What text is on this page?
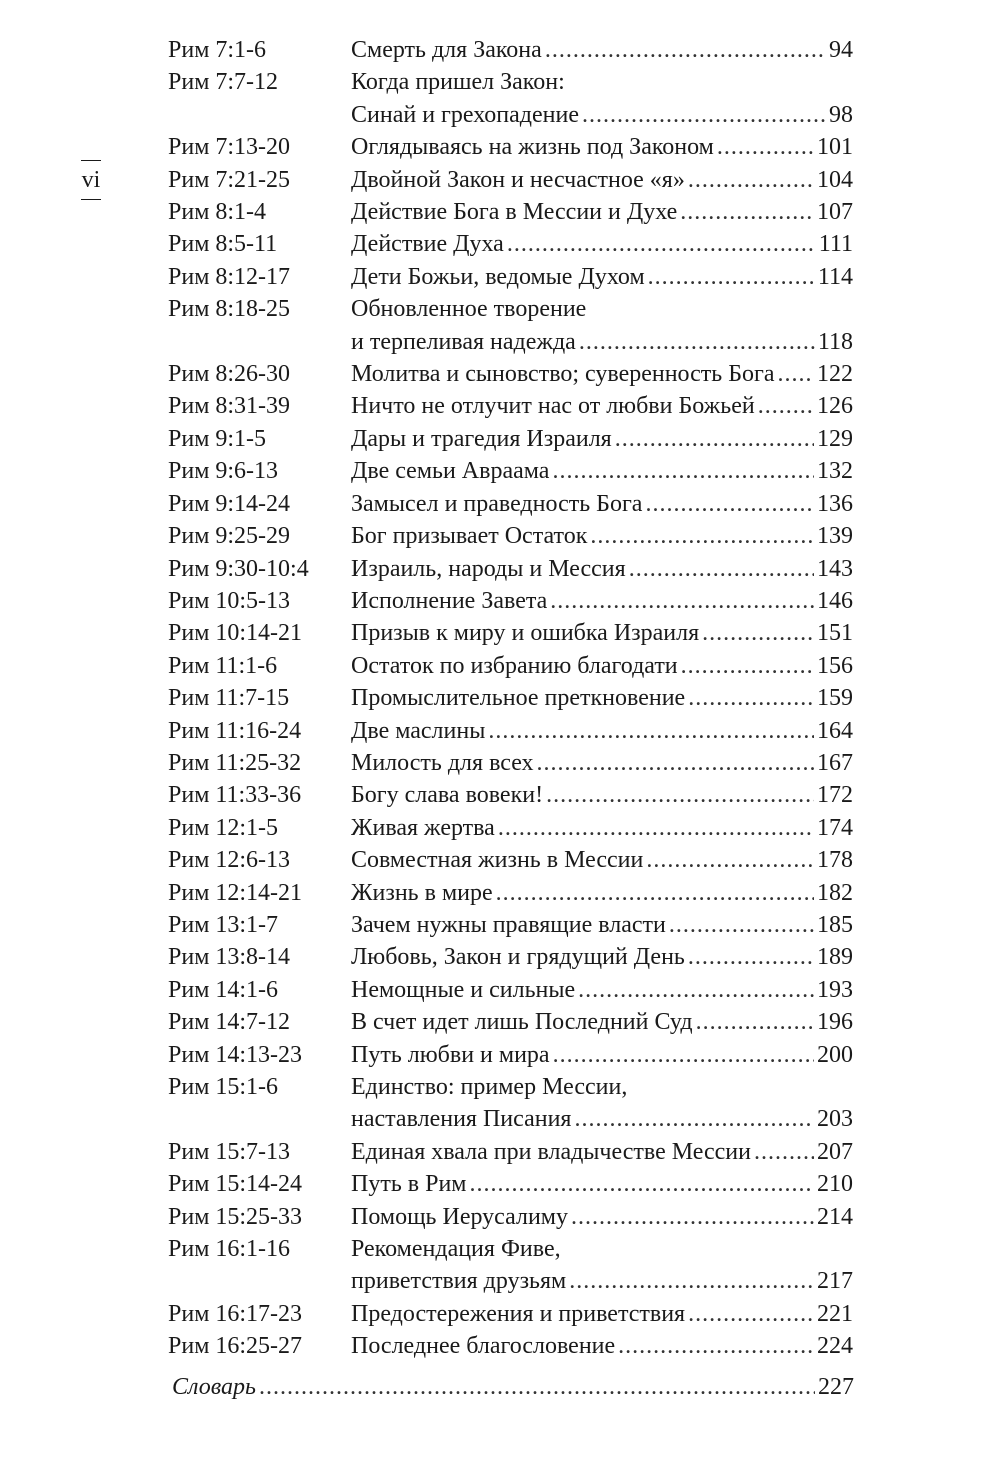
vi
Рим 7:1-6	Смерть для Закона .....	94
Рим 7:7-12	Когда пришел Закон:
Синай и грехопадение .....	98
Рим 7:13-20	Оглядываясь на жизнь под Законом .....	101
Рим 7:21-25	Двойной Закон и несчастное «я» .....	104
Рим 8:1-4	Действие Бога в Мессии и Духе .....	107
Рим 8:5-11	Действие Духа .....	111
Рим 8:12-17	Дети Божьи, ведомые Духом .....	114
Рим 8:18-25	Обновленное творение
и терпеливая надежда .....	118
Рим 8:26-30	Молитва и сыновство; суверенность Бога ..... 122
Рим 8:31-39	Ничто не отлучит нас от любви Божьей .....	126
Рим 9:1-5	Дары и трагедия Израиля .....	129
Рим 9:6-13	Две семьи Авраама .....	132
Рим 9:14-24	Замысел и праведность Бога .....	136
Рим 9:25-29	Бог призывает Остаток .....	139
Рим 9:30-10:4	Израиль, народы и Мессия .....	143
Рим 10:5-13	Исполнение Завета .....	146
Рим 10:14-21	Призыв к миру и ошибка Израиля .....	151
Рим 11:1-6	Остаток по избранию благодати .....	156
Рим 11:7-15	Промыслительное преткновение .....	159
Рим 11:16-24	Две маслины .....	164
Рим 11:25-32	Милость для всех .....	167
Рим 11:33-36	Богу слава вовеки! .....	172
Рим 12:1-5	Живая жертва .....	174
Рим 12:6-13	Совместная жизнь в Мессии .....	178
Рим 12:14-21	Жизнь в мире .....	182
Рим 13:1-7	Зачем нужны правящие власти .....	185
Рим 13:8-14	Любовь, Закон и грядущий День .....	189
Рим 14:1-6	Немощные и сильные .....	193
Рим 14:7-12	В счет идет лишь Последний Суд .....	196
Рим 14:13-23	Путь любви и мира .....	200
Рим 15:1-6	Единство: пример Мессии,
наставления Писания .....	203
Рим 15:7-13	Единая хвала при владычестве Мессии .....	207
Рим 15:14-24	Путь в Рим .....	210
Рим 15:25-33	Помощь Иерусалиму .....	214
Рим 16:1-16	Рекомендация Фиве,
приветствия друзьям .....	217
Рим 16:17-23	Предостережения и приветствия .....	221
Рим 16:25-27	Последнее благословение .....	224
Словарь .....	227
